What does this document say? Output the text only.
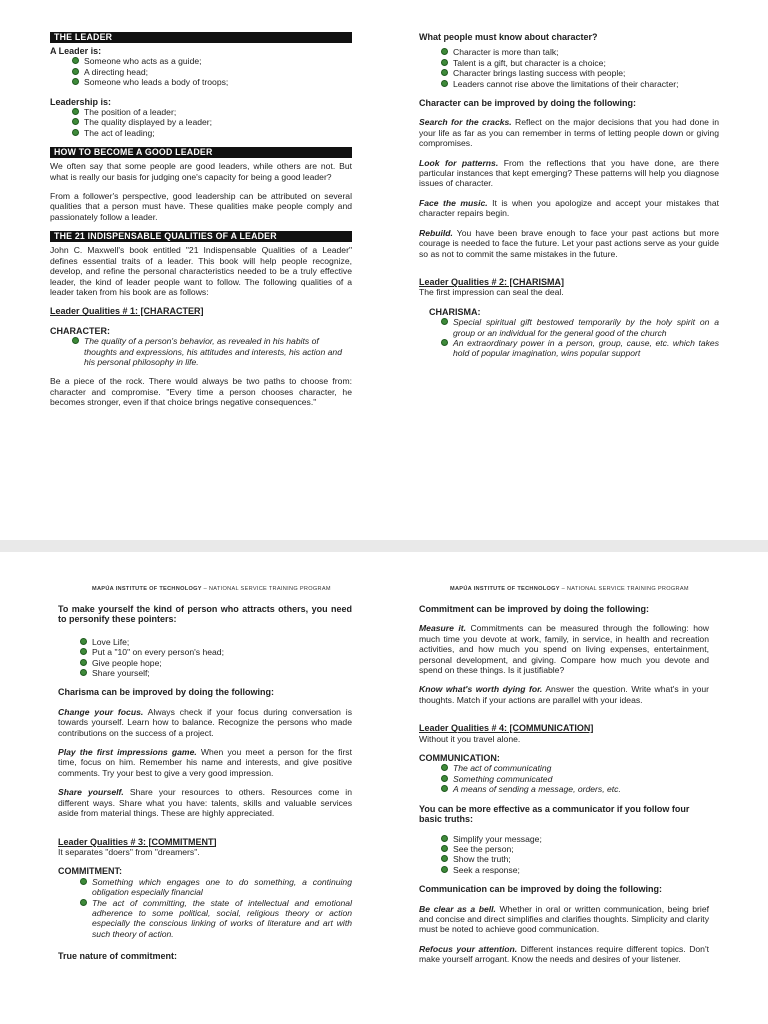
THE LEADER
A Leader is:
Someone who acts as a guide;
A directing head;
Someone who leads a body of troops;
Leadership is:
The position of a leader;
The quality displayed by a leader;
The act of leading;
HOW TO BECOME A GOOD LEADER

We often say that some people are good leaders, while others are not. But what is really our basis for judging one's capacity for being a good leader?

From a follower's perspective, good leadership can be attributed on several qualities that a person must have. These qualities make people comply and passionately follow a leader.

THE 21 INDISPENSABLE QUALITIES OF A LEADER

John C. Maxwell's book entitled "21 Indispensable Qualities of a Leader" defines essential traits of a leader. This book will help people recognize, develop, and refine the personal characteristics needed to be a truly effective leader, the kind of leader people want to follow. The following qualities of a leader taken from his book are as follows:

Leader Qualities # 1: [CHARACTER]
CHARACTER:
The quality of a person's behavior, as revealed in his habits of thoughts and expressions, his attitudes and interests, his action and his personal philosophy in life.

Be a piece of the rock. There would always be two paths to choose from: character and compromise. "Every time a person chooses character, he becomes stronger, even if that choice brings negative consequences."

What people must know about character?
Character is more than talk;
Talent is a gift, but character is a choice;
Character brings lasting success with people;
Leaders cannot rise above the limitations of their character;
Character can be improved by doing the following:

Search for the cracks. Reflect on the major decisions that you had done in your life as far as you can remember in terms of letting people down or giving compromises.

Look for patterns. From the reflections that you have done, are there particular instances that kept emerging? These patterns will help you diagnose issues of character.

Face the music. It is when you apologize and accept your mistakes that character repairs begin.

Rebuild. You have been brave enough to face your past actions but more courage is needed to face the future. Let your past actions serve as your guide so as not to commit the same mistakes in the future.

Leader Qualities # 2: [CHARISMA]
The first impression can seal the deal.
CHARISMA:
Special spiritual gift bestowed temporarily by the holy spirit on a group or an individual for the general good of the church
An extraordinary power in a person, group, cause, etc. which takes hold of popular imagination, wins popular support
MAPÚA INSTITUTE OF TECHNOLOGY – NATIONAL SERVICE TRAINING PROGRAM	MAPÚA INSTITUTE OF TECHNOLOGY – NATIONAL SERVICE TRAINING PROGRAM
To make yourself the kind of person who attracts others, you need to personify these pointers:
Love Life;
Put a "10" on every person's head;
Give people hope;
Share yourself;
Charisma can be improved by doing the following:

Change your focus. Always check if your focus during conversation is towards yourself. Learn how to balance. Recognize the persons who made contributions on the success of a project.

Play the first impressions game. When you meet a person for the first time, focus on him. Remember his name and interests, and give positive comments. Try your best to give a very good impression.

Share yourself. Share your resources to others. Resources come in different ways. Share what you have: talents, skills and valuable services aside from material things. These are highly appreciated.

Leader Qualities # 3: [COMMITMENT]
It separates "doers" from "dreamers".
COMMITMENT:
Something which engages one to do something, a continuing obligation especially financial
The act of committing, the state of intellectual and emotional adherence to some political, social, religious theory or action especially the conscious linking of works of literature and art with such theory of action.
True nature of commitment:
Commitment can be improved by doing the following:

Measure it. Commitments can be measured through the following: how much time you devote at work, family, in service, in health and recreation activities, and how much you spend on living expenses, entertainment, personal development, and giving. Compare how much you devote and spend on these things. Is it justifiable?

Know what's worth dying for. Answer the question. Write what's in your thoughts. Match if your actions are parallel with your ideas.

Leader Qualities # 4: [COMMUNICATION]
Without it you travel alone.
COMMUNICATION:
The act of communicating
Something communicated
A means of sending a message, orders, etc.
You can be more effective as a communicator if you follow four basic truths:
Simplify your message;
See the person;
Show the truth;
Seek a response;
Communication can be improved by doing the following:

Be clear as a bell. Whether in oral or written communication, being brief and concise and direct simplifies and clarifies thoughts. Simplicity and clarity must be noted to achieve good communication.

Refocus your attention. Different instances require different topics. Don't make yourself arrogant. Know the needs and desires of your listener.
